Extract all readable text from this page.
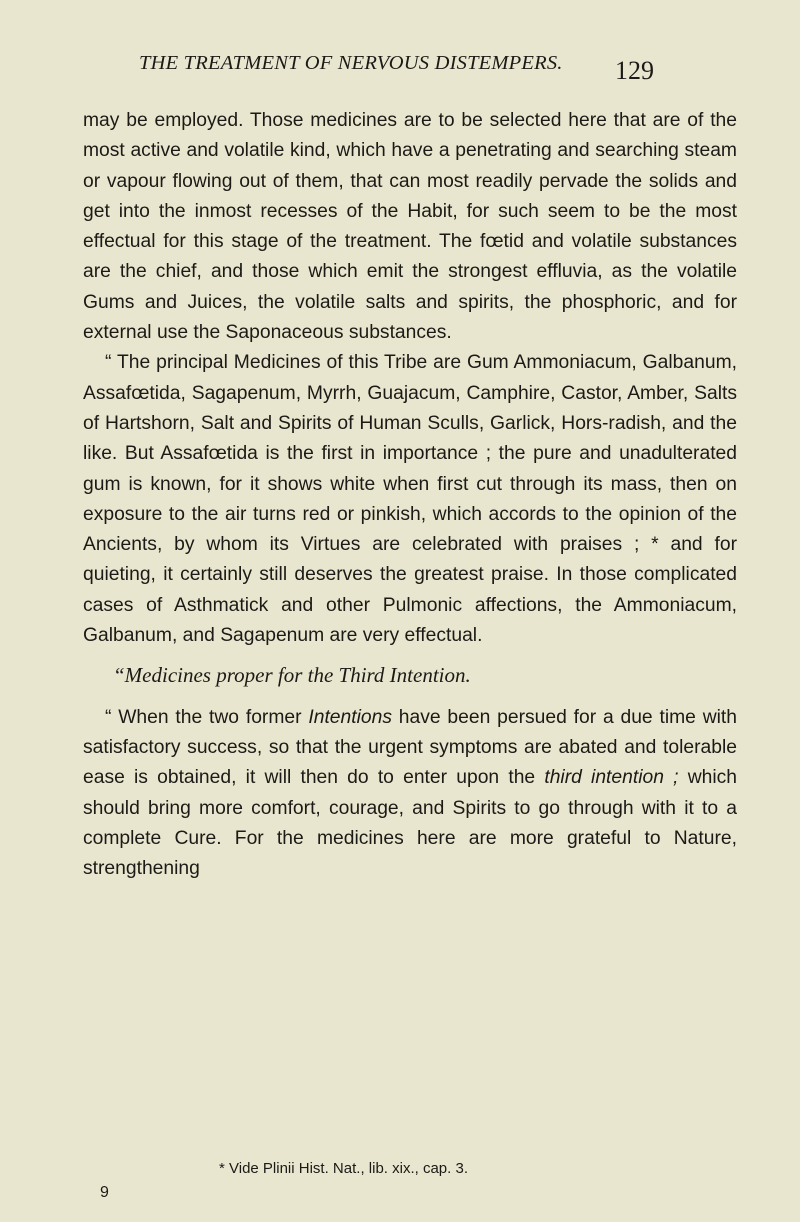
THE TREATMENT OF NERVOUS DISTEMPERS.	129

may be employed. Those medicines are to be selected here that are of the most active and volatile kind, which have a penetrating and searching steam or vapour flowing out of them, that can most readily pervade the solids and get into the inmost recesses of the Habit, for such seem to be the most effectual for this stage of the treatment. The fœtid and volatile substances are the chief, and those which emit the strongest effluvia, as the volatile Gums and Juices, the volatile salts and spirits, the phosphoric, and for external use the Saponaceous substances.

“ The principal Medicines of this Tribe are Gum Ammoniacum, Galbanum, Assafœtida, Sagapenum, Myrrh, Guajacum, Camphire, Castor, Amber, Salts of Hartshorn, Salt and Spirits of Human Sculls, Garlick, Hors-radish, and the like. But Assafœtida is the first in importance ; the pure and unadulterated gum is known, for it shows white when first cut through its mass, then on exposure to the air turns red or pinkish, which accords to the opinion of the Ancients, by whom its Virtues are celebrated with praises ; * and for quieting, it certainly still deserves the greatest praise. In those complicated cases of Asthmatick and other Pulmonic affections, the Ammoniacum, Galbanum, and Sagapenum are very effectual.

“Medicines proper for the Third Intention.

“ When the two former Intentions have been persued for a due time with satisfactory success, so that the urgent symptoms are abated and tolerable ease is obtained, it will then do to enter upon the third intention ; which should bring more comfort, courage, and Spirits to go through with it to a complete Cure. For the medicines here are more grateful to Nature, strengthening

* Vide Plinii Hist. Nat., lib. xix., cap. 3.
9
